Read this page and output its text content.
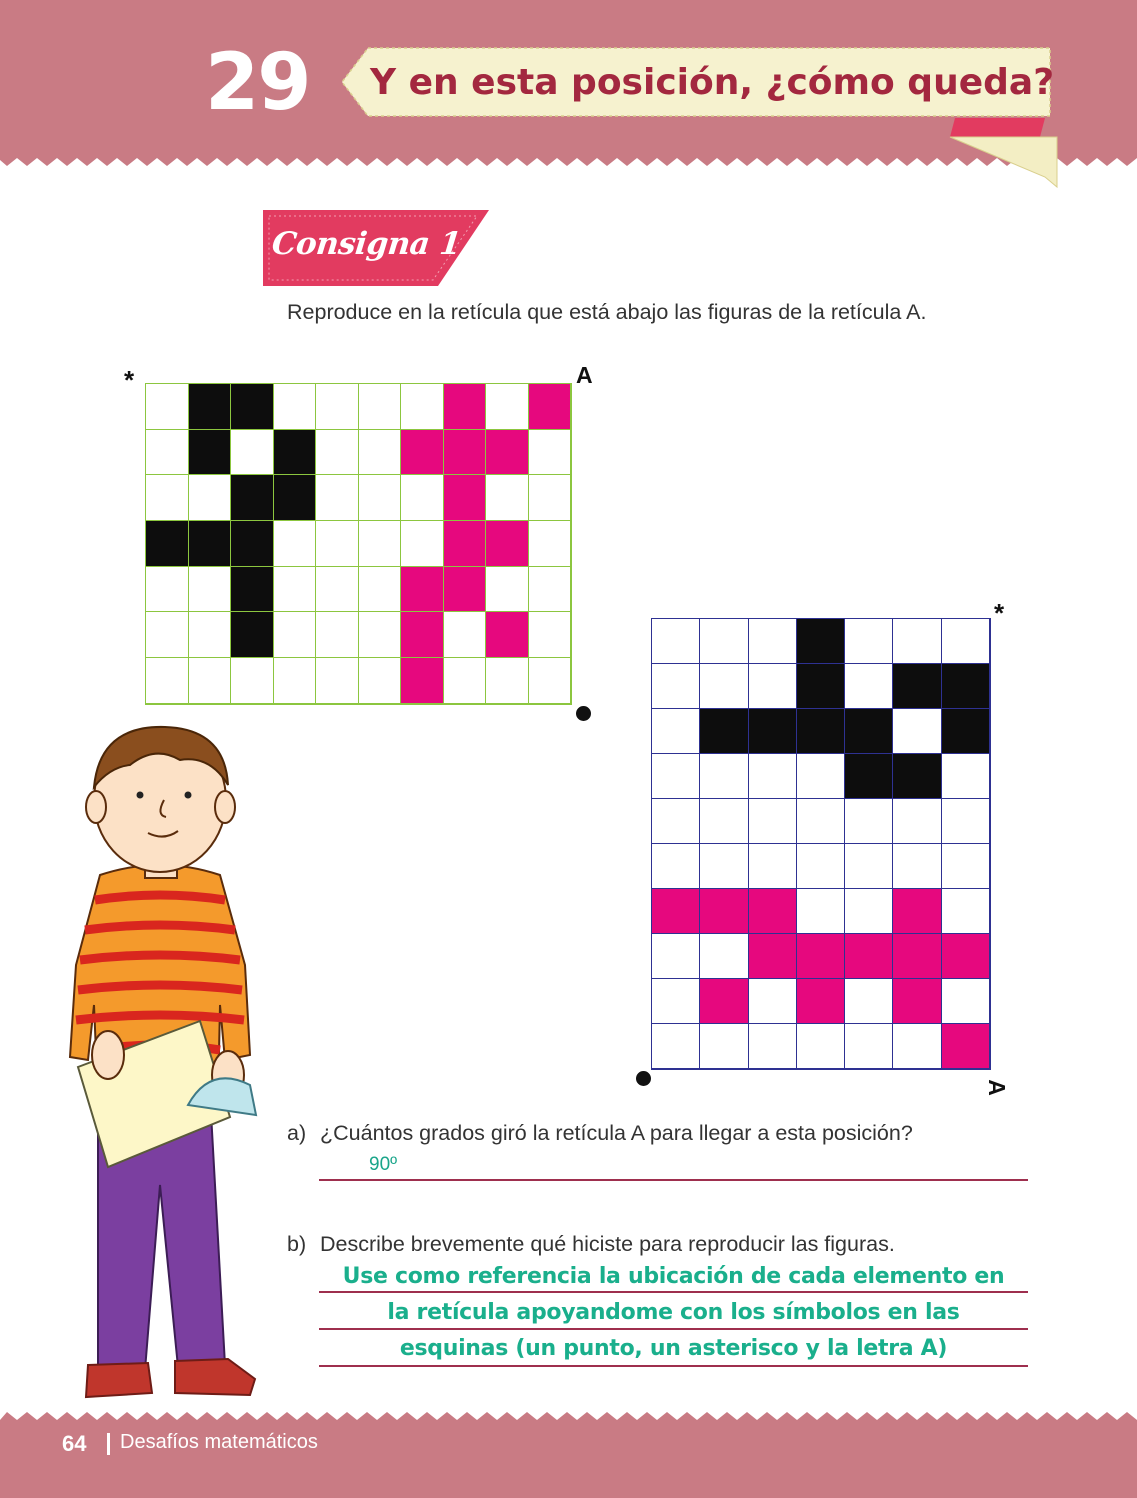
29 Y en esta posición, ¿cómo queda?
Consigna 1
Reproduce en la retícula que está abajo las figuras de la retícula A.
*	A
*
A
a) ¿Cuántos grados giró la retícula A para llegar a esta posición?
90º
b) Describe brevemente qué hiciste para reproducir las figuras.
Use como referencia la ubicación de cada elemento en
la retícula apoyandome con los símbolos en las
esquinas (un punto, un asterisco y la letra A)
64 Desafíos matemáticos
